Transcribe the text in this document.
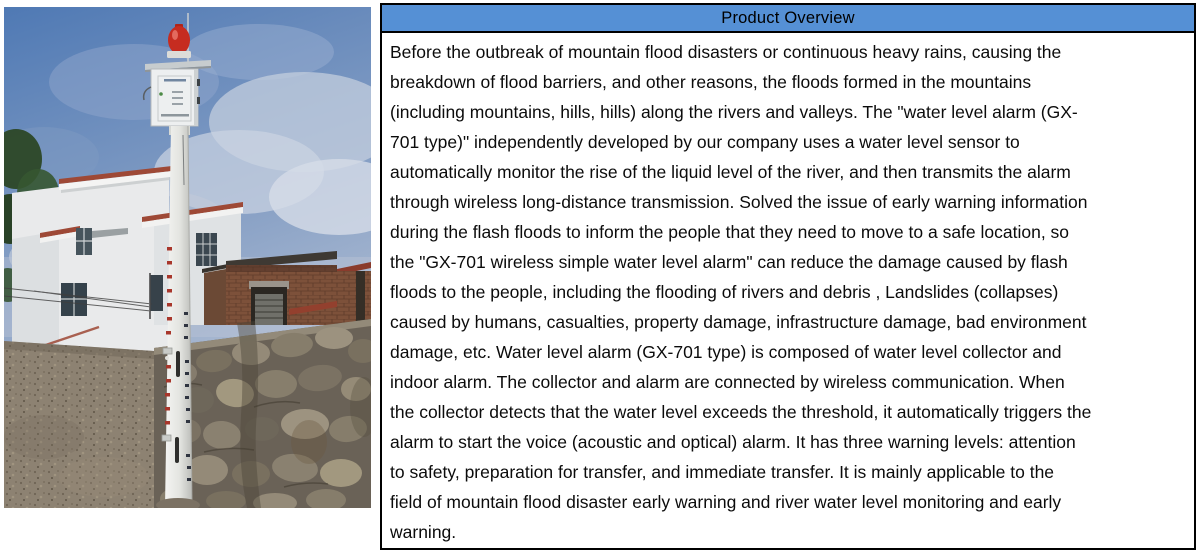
Product Overview
Before the outbreak of mountain flood disasters or continuous heavy rains, causing the
breakdown of flood barriers, and other reasons, the floods formed in the mountains
(including mountains, hills, hills) along the rivers and valleys. The "water level alarm (GX-
701 type)" independently developed by our company uses a water level sensor to
automatically monitor the rise of the liquid level of the river, and then transmits the alarm
through wireless long-distance transmission. Solved the issue of early warning information
during the flash floods to inform the people that they need to move to a safe location, so
the "GX-701 wireless simple water level alarm" can reduce the damage caused by flash
floods to the people, including the flooding of rivers and debris , Landslides (collapses)
caused by humans, casualties, property damage, infrastructure damage, bad environment
damage, etc. Water level alarm (GX-701 type) is composed of water level collector and
indoor alarm. The collector and alarm are connected by wireless communication. When
the collector detects that the water level exceeds the threshold, it automatically triggers the
alarm to start the voice (acoustic and optical) alarm. It has three warning levels: attention
to safety, preparation for transfer, and immediate transfer. It is mainly applicable to the
field of mountain flood disaster early warning and river water level monitoring and early
warning.
